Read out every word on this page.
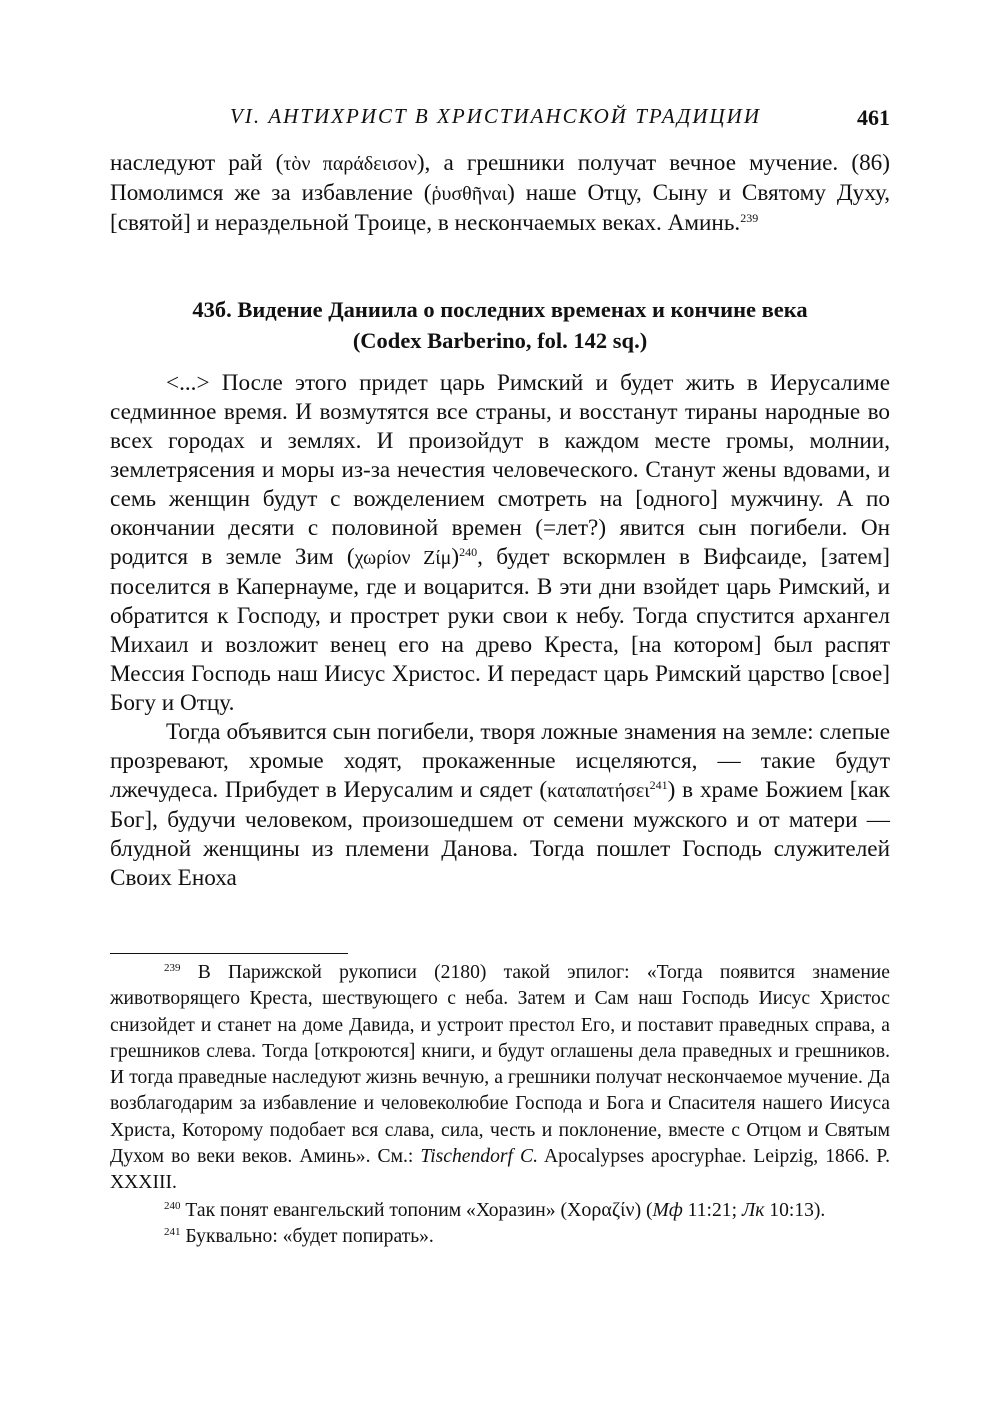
VI. АНТИХРИСТ В ХРИСТИАНСКОЙ ТРАДИЦИИ	461

наследуют рай (τὸν παράδεισον), а грешники получат вечное мучение. (86) Помолимся же за избавление (ῥυσθῆναι) наше Отцу, Сыну и Святому Духу, [святой] и нераздельной Троице, в нескончаемых веках. Аминь.$^{239}$

43б. Видение Даниила о последних временах и кончине века
(Codex Barberino, fol. 142 sq.)

<...> После этого придет царь Римский и будет жить в Иерусалиме седминное время. И возмутятся все страны, и восстанут тираны народные во всех городах и землях. И произойдут в каждом месте громы, молнии, землетрясения и моры из-за нечестия человеческого. Станут жены вдовами, и семь женщин будут с вожделением смотреть на [одного] мужчину. А по окончании десяти с половиной времен (=лет?) явится сын погибели. Он родится в земле Зим (χωρίον Ζίμ)$^{240}$, будет вскормлен в Вифсаиде, [затем] поселится в Капернауме, где и воцарится. В эти дни взойдет царь Римский, и обратится к Господу, и прострет руки свои к небу. Тогда спустится архангел Михаил и возложит венец его на древо Креста, [на котором] был распят Мессия Господь наш Иисус Христос. И передаст царь Римский царство [свое] Богу и Отцу.

Тогда объявится сын погибели, творя ложные знамения на земле: слепые прозревают, хромые ходят, прокаженные исцеляются, — такие будут лжечудеса. Прибудет в Иерусалим и сядет (καταπατήσει$^{241}$) в храме Божием [как Бог], будучи человеком, произошедшем от семени мужского и от матери — блудной женщины из племени Данова. Тогда пошлет Господь служителей Своих Еноха

$^{239}$ В Парижской рукописи (2180) такой эпилог: «Тогда появится знамение животворящего Креста, шествующего с неба. Затем и Сам наш Господь Иисус Христос снизойдет и станет на доме Давида, и устроит престол Его, и поставит праведных справа, а грешников слева. Тогда [откроются] книги, и будут оглашены дела праведных и грешников. И тогда праведные наследуют жизнь вечную, а грешники получат нескончаемое мучение. Да возблагодарим за избавление и человеколюбие Господа и Бога и Спасителя нашего Иисуса Христа, Которому подобает вся слава, сила, честь и поклонение, вместе с Отцом и Святым Духом во веки веков. Аминь». См.: Tischendorf C. Apocalypses apocryphae. Leipzig, 1866. P. XXXIII.

$^{240}$ Так понят евангельский топоним «Хоразин» (Χοραζίν) (Мф 11:21; Лк 10:13).

$^{241}$ Буквально: «будет попирать».
